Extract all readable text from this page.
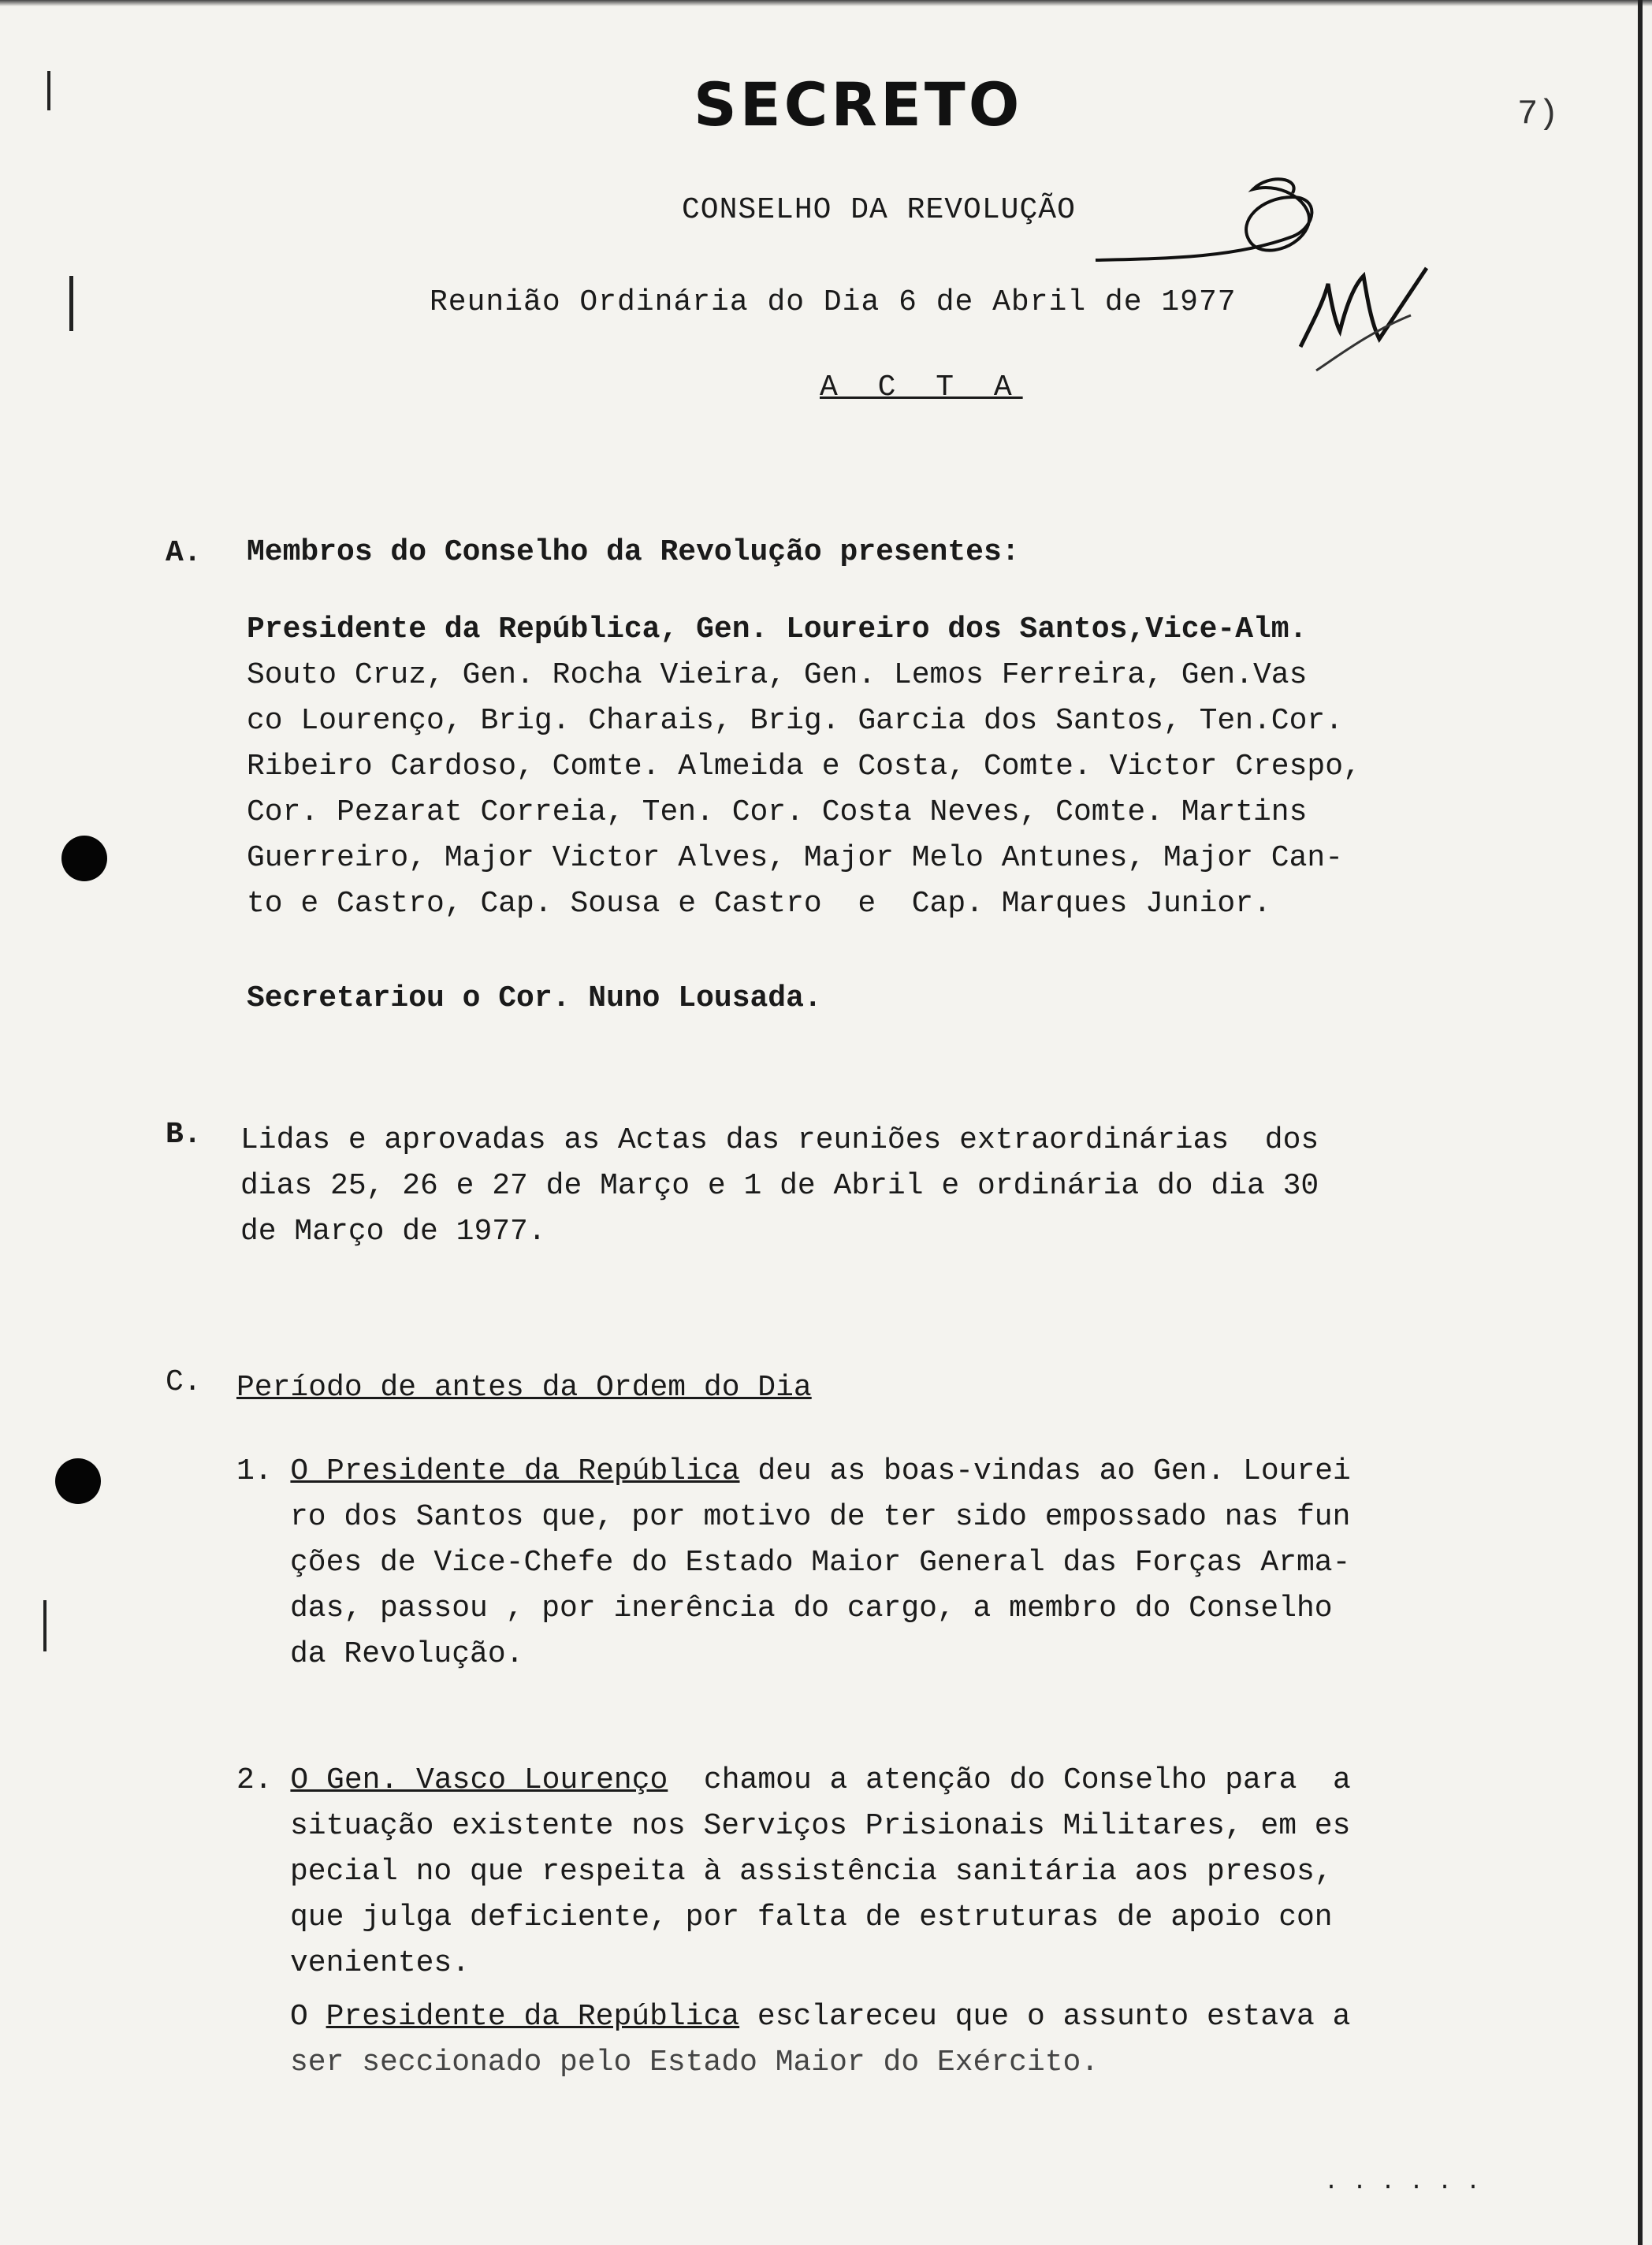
SECRETO	7)
CONSELHO DA REVOLUÇÃO
Reunião Ordinária do Dia 6 de Abril de 1977
A C T A
A. Membros do Conselho da Revolução presentes:
Presidente da República, Gen. Loureiro dos Santos,Vice-Alm.
Souto Cruz, Gen. Rocha Vieira, Gen. Lemos Ferreira, Gen.Vas
co Lourenço, Brig. Charais, Brig. Garcia dos Santos, Ten.Cor.
Ribeiro Cardoso, Comte. Almeida e Costa, Comte. Victor Crespo,
Cor. Pezarat Correia, Ten. Cor. Costa Neves, Comte. Martins
Guerreiro, Major Victor Alves, Major Melo Antunes, Major Can-
to e Castro, Cap. Sousa e Castro  e  Cap. Marques Junior.
Secretariou o Cor. Nuno Lousada.
B. Lidas e aprovadas as Actas das reuniões extraordinárias  dos
dias 25, 26 e 27 de Março e 1 de Abril e ordinária do dia 30
de Março de 1977.
C. Período de antes da Ordem do Dia
1. O Presidente da República deu as boas-vindas ao Gen. Lourei
ro dos Santos que, por motivo de ter sido empossado nas fun
ções de Vice-Chefe do Estado Maior General das Forças Arma-
das, passou , por inerência do cargo, a membro do Conselho
da Revolução.
2. O Gen. Vasco Lourenço  chamou a atenção do Conselho para  a
situação existente nos Serviços Prisionais Militares, em es
pecial no que respeita à assistência sanitária aos presos,
que julga deficiente, por falta de estruturas de apoio con
venientes.
O Presidente da República esclareceu que o assunto estava a
ser seccionado pelo Estado Maior do Exército.
. . . . . .
